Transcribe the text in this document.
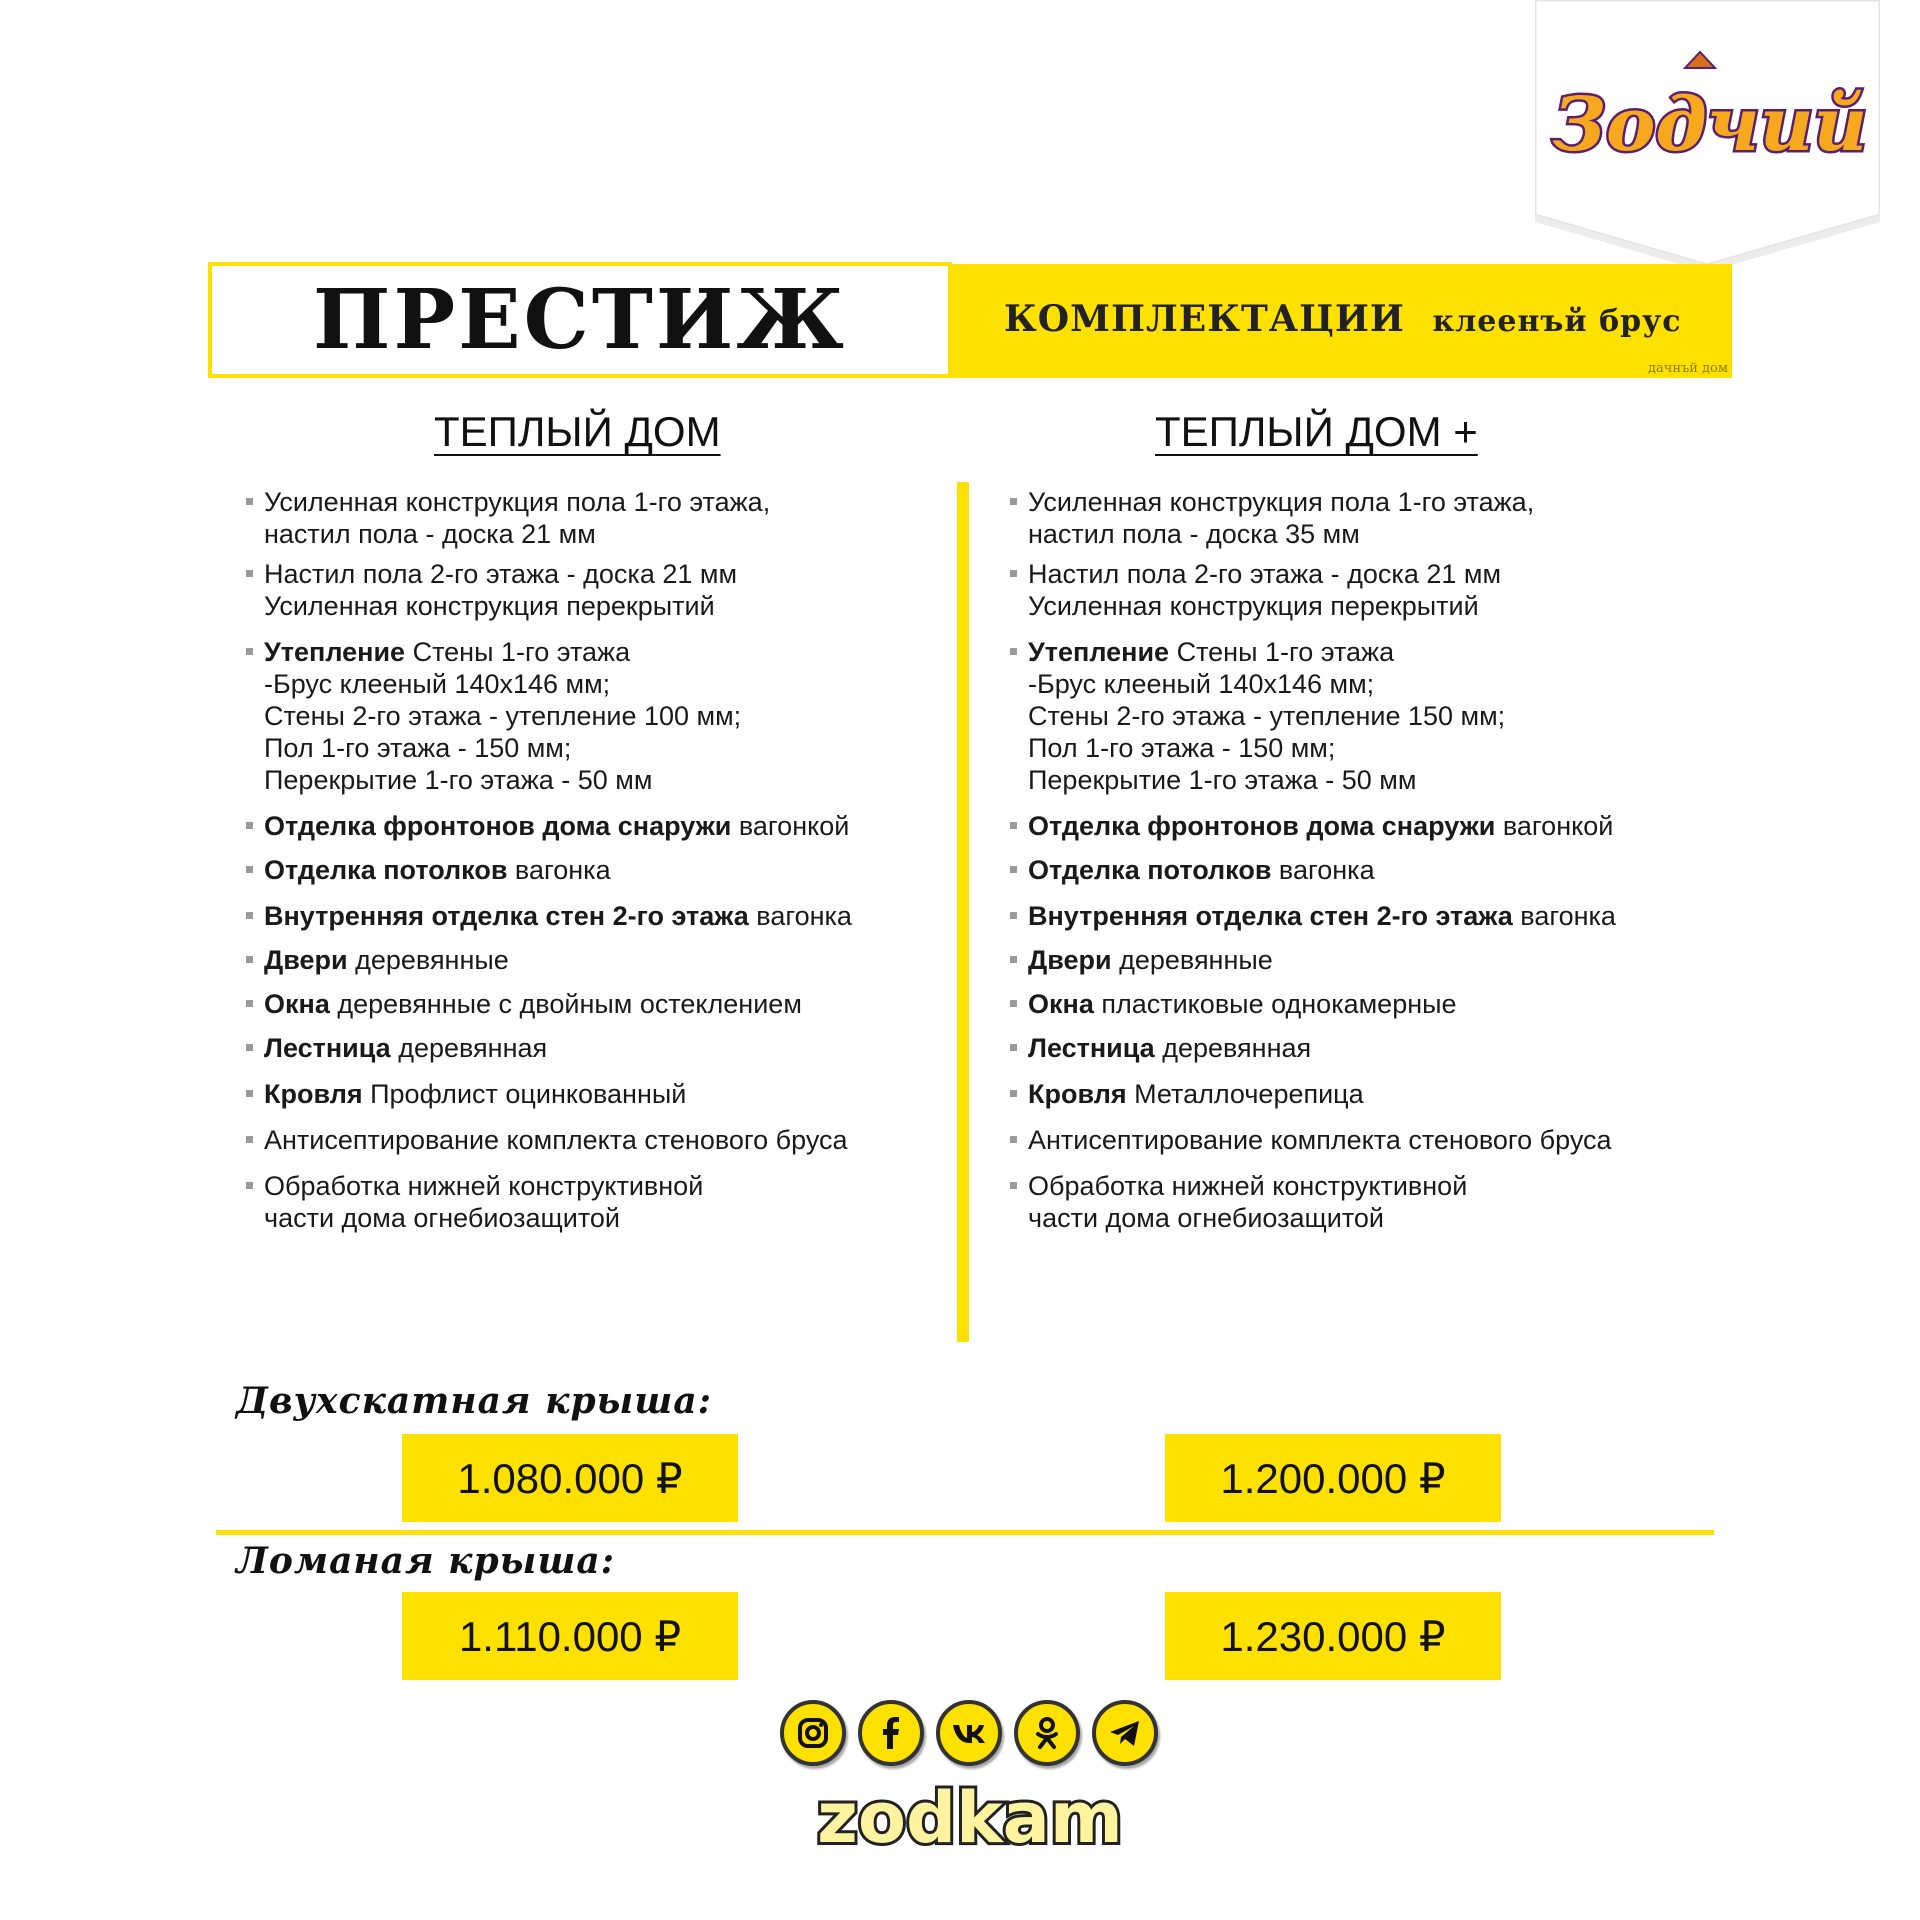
Зодчий
ПРЕСТИЖ	КОМПЛЕКТАЦИИ клеенъй брус
дачнъй дом
ТЕПЛЫЙ ДОМ	ТЕПЛЫЙ ДОМ +
Усиленная конструкция пола 1-го этажа,
настил пола - доска 21 мм
Настил пола 2-го этажа - доска 21 мм
Усиленная конструкция перекрытий
Утепление Стены 1-го этажа
-Брус клееный 140х146 мм;
Стены 2-го этажа - утепление 100 мм;
Пол 1-го этажа - 150 мм;
Перекрытие 1-го этажа - 50 мм
Отделка фронтонов дома снаружи вагонкой
Отделка потолков вагонка
Внутренняя отделка стен 2-го этажа вагонка
Двери деревянные
Окна деревянные с двойным остеклением
Лестница деревянная
Кровля Профлист оцинкованный
Антисептирование комплекта стенового бруса
Обработка нижней конструктивной
части дома огнебиозащитой
Усиленная конструкция пола 1-го этажа,
настил пола - доска 35 мм
Настил пола 2-го этажа - доска 21 мм
Усиленная конструкция перекрытий
Утепление Стены 1-го этажа
-Брус клееный 140х146 мм;
Стены 2-го этажа - утепление 150 мм;
Пол 1-го этажа - 150 мм;
Перекрытие 1-го этажа - 50 мм
Отделка фронтонов дома снаружи вагонкой
Отделка потолков вагонка
Внутренняя отделка стен 2-го этажа вагонка
Двери деревянные
Окна пластиковые однокамерные
Лестница деревянная
Кровля Металлочерепица
Антисептирование комплекта стенового бруса
Обработка нижней конструктивной
части дома огнебиозащитой
Двухскатная крыша:
1.080.000 ₽	1.200.000 ₽
Ломаная крыша:
1.110.000 ₽	1.230.000 ₽
zodkam
